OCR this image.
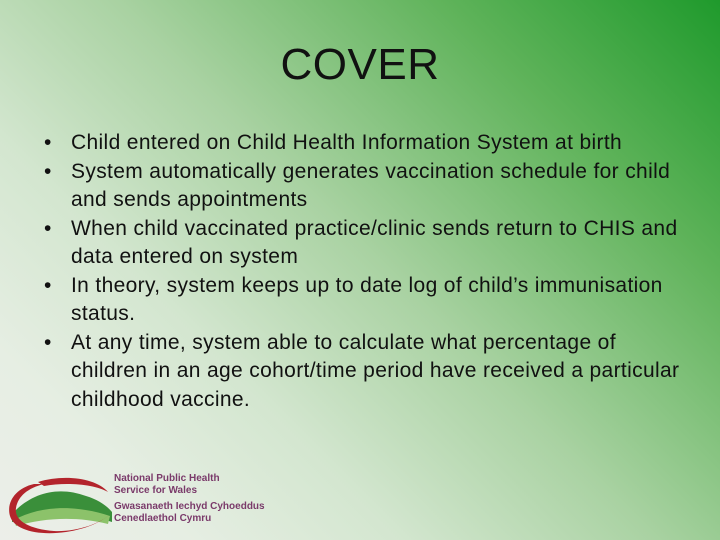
COVER
• Child entered on Child Health Information System at birth
• System automatically generates vaccination schedule for child and sends appointments
• When child vaccinated practice/clinic sends return to CHIS and data entered on system
• In theory, system keeps up to date log of child’s immunisation status.
• At any time, system able to calculate what percentage of children in an age cohort/time period have received a particular childhood vaccine.
National Public Health
Service for Wales
Gwasanaeth Iechyd Cyhoeddus
Cenedlaethol Cymru
